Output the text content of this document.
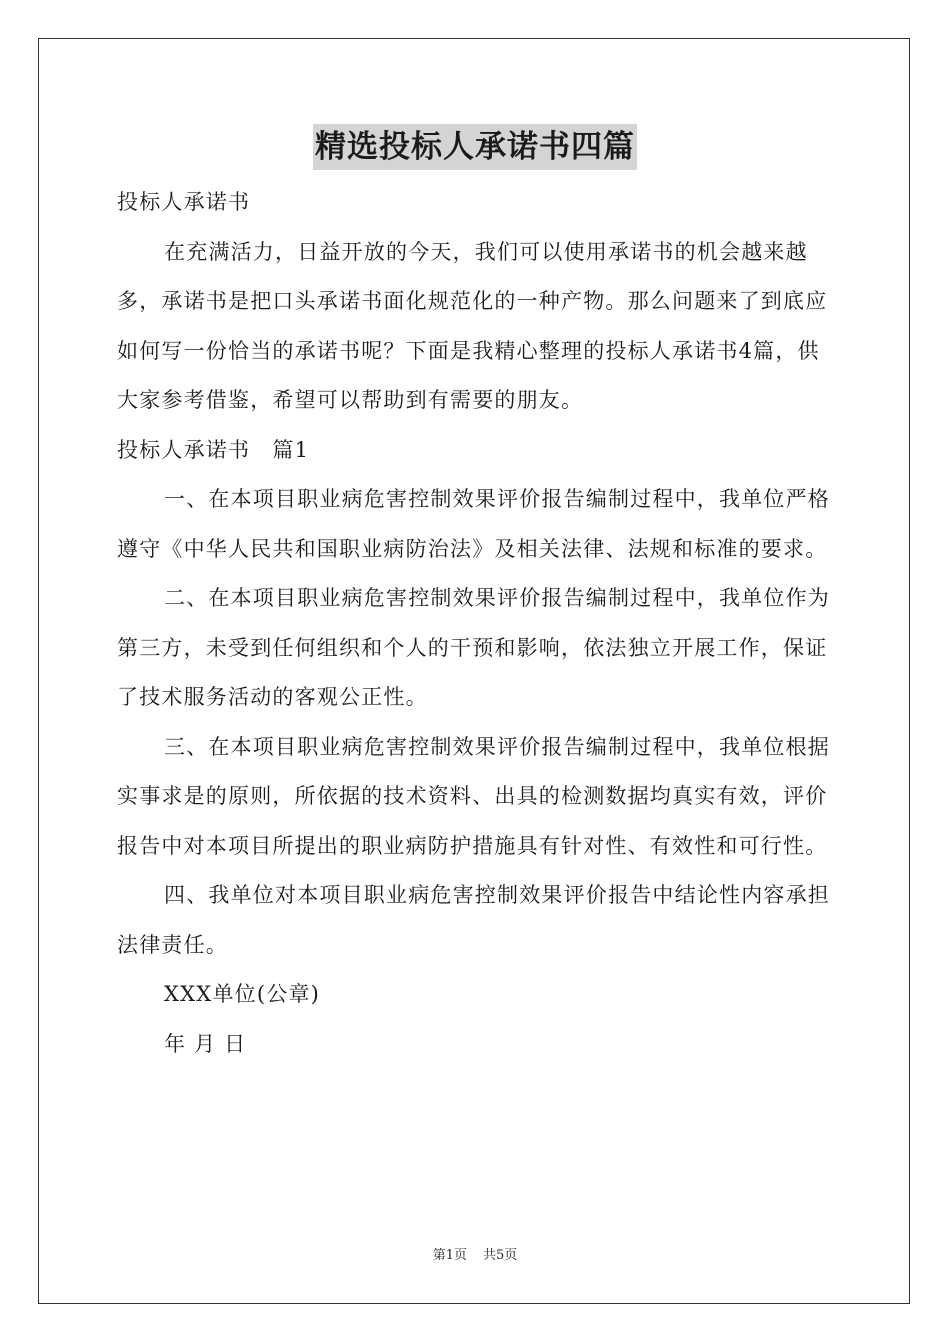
精选投标人承诺书四篇

投标人承诺书

在充满活力，日益开放的今天，我们可以使用承诺书的机会越来越多，承诺书是把口头承诺书面化规范化的一种产物。那么问题来了到底应如何写一份恰当的承诺书呢？下面是我精心整理的投标人承诺书4篇，供大家参考借鉴，希望可以帮助到有需要的朋友。

投标人承诺书　篇1

一、在本项目职业病危害控制效果评价报告编制过程中，我单位严格遵守《中华人民共和国职业病防治法》及相关法律、法规和标准的要求。

二、在本项目职业病危害控制效果评价报告编制过程中，我单位作为第三方，未受到任何组织和个人的干预和影响，依法独立开展工作，保证了技术服务活动的客观公正性。

三、在本项目职业病危害控制效果评价报告编制过程中，我单位根据实事求是的原则，所依据的技术资料、出具的检测数据均真实有效，评价报告中对本项目所提出的职业病防护措施具有针对性、有效性和可行性。

四、我单位对本项目职业病危害控制效果评价报告中结论性内容承担法律责任。

XXX单位(公章)

年 月 日

第1页 共5页
